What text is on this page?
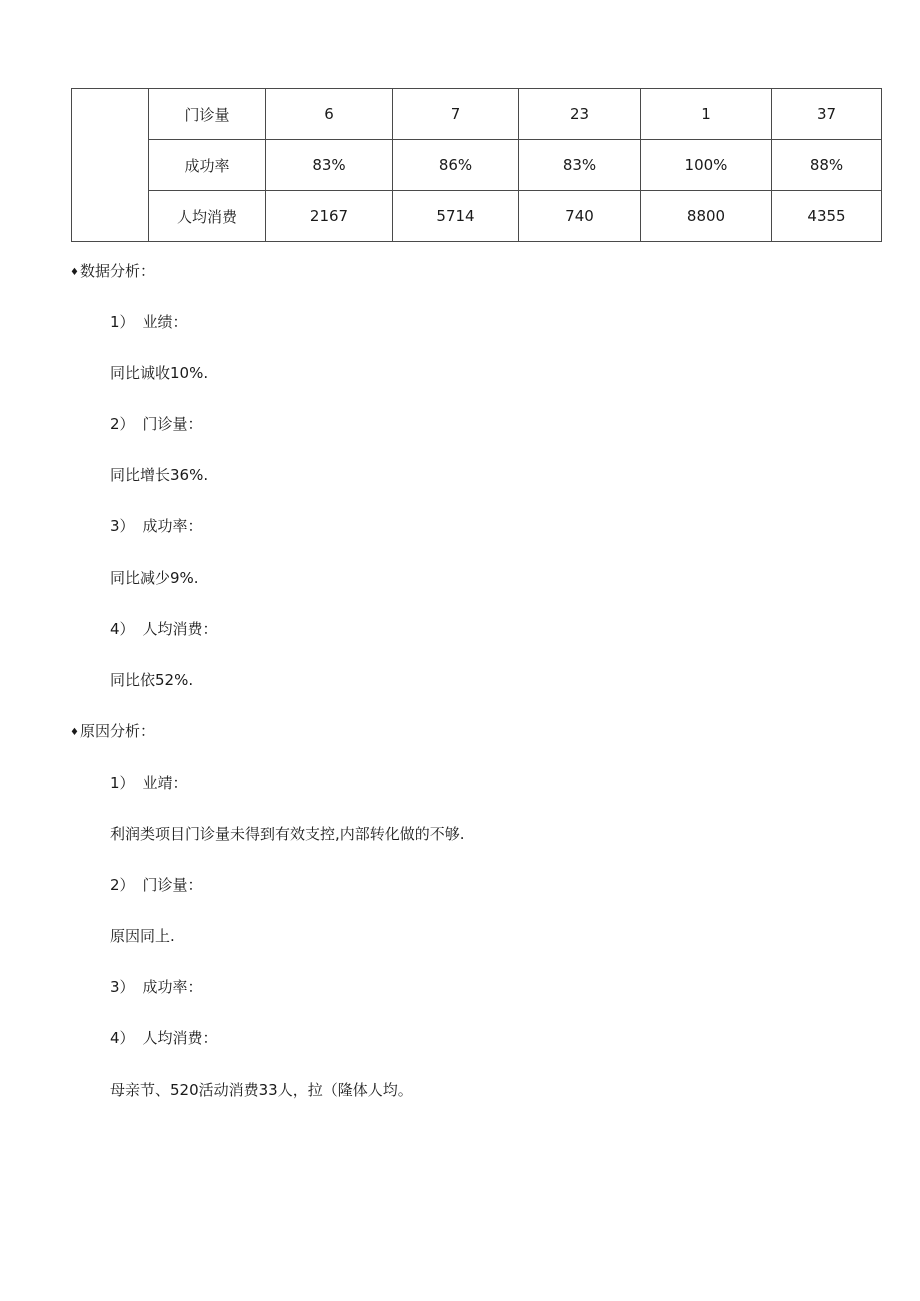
	门诊量	6	7	23	1	37
	成功率	83%	86%	83%	100%	88%
	人均消费	2167	5714	740	8800	4355
♦数据分析：
1） 业绩：
同比诚收10%.
2） 门诊量：
同比增长36%.
3） 成功率：
同比减少9%.
4） 人均消费：
同比依52%.
♦原因分析：
1） 业靖：
利润类项目门诊量未得到有效支控,内部转化做的不够.
2） 门诊量：
原因同上.
3） 成功率：
4） 人均消费：
母亲节、520活动消费33人，拉（隆体人均。
